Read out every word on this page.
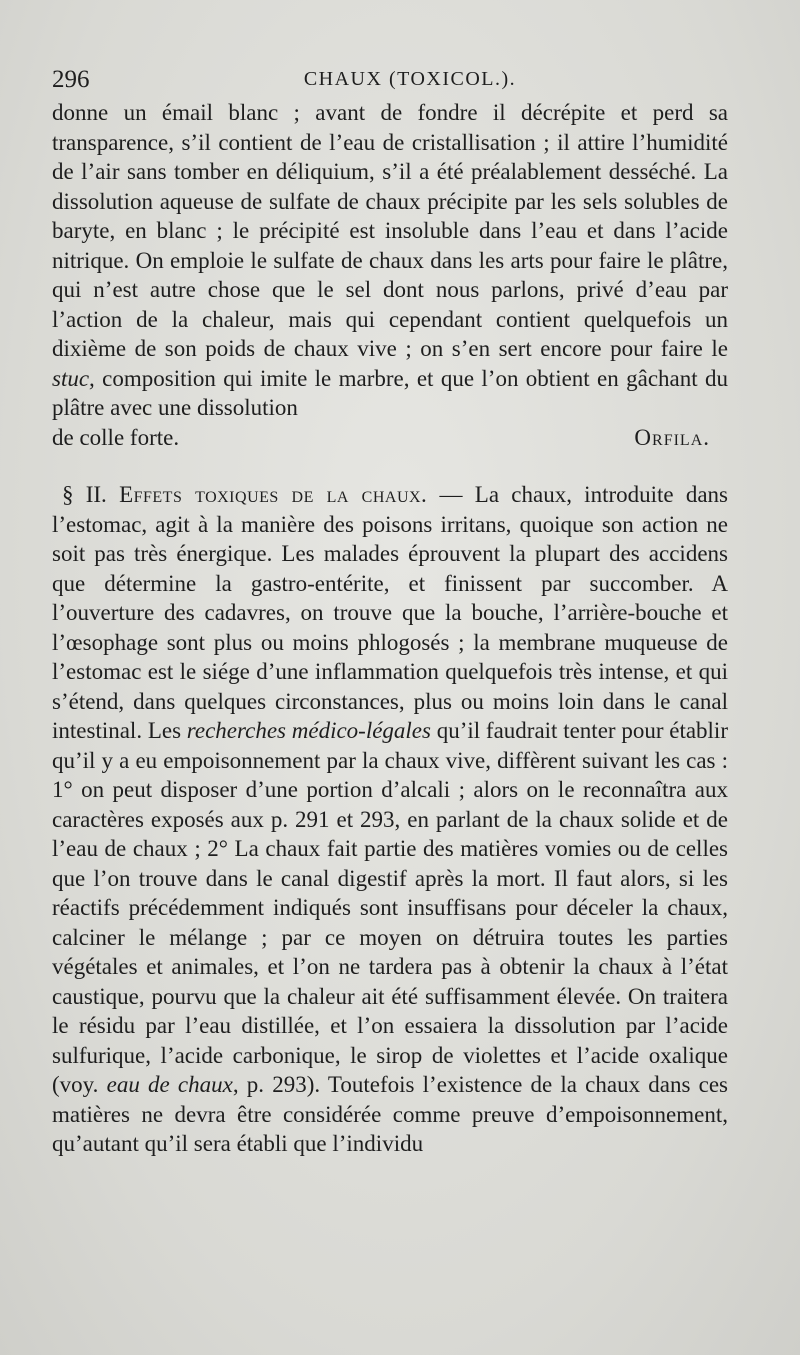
296	CHAUX (TOXICOL.).

donne un émail blanc ; avant de fondre il décrépite et perd sa transparence, s’il contient de l’eau de cristallisation ; il attire l’humidité de l’air sans tomber en déliquium, s’il a été préalablement desséché. La dissolution aqueuse de sulfate de chaux précipite par les sels solubles de baryte, en blanc ; le précipité est insoluble dans l’eau et dans l’acide nitrique. On emploie le sulfate de chaux dans les arts pour faire le plâtre, qui n’est autre chose que le sel dont nous parlons, privé d’eau par l’action de la chaleur, mais qui cependant contient quelquefois un dixième de son poids de chaux vive ; on s’en sert encore pour faire le stuc, composition qui imite le marbre, et que l’on obtient en gâchant du plâtre avec une dissolution

de colle forte.	Orfila.

§ II. Effets toxiques de la chaux. — La chaux, introduite dans l’estomac, agit à la manière des poisons irritans, quoique son action ne soit pas très énergique. Les malades éprouvent la plupart des accidens que détermine la gastro-entérite, et finissent par succomber. A l’ouverture des cadavres, on trouve que la bouche, l’arrière-bouche et l’œsophage sont plus ou moins phlogosés ; la membrane muqueuse de l’estomac est le siége d’une inflammation quelquefois très intense, et qui s’étend, dans quelques circonstances, plus ou moins loin dans le canal intestinal. Les recherches médico-légales qu’il faudrait tenter pour établir qu’il y a eu empoisonnement par la chaux vive, diffèrent suivant les cas : 1° on peut disposer d’une portion d’alcali ; alors on le reconnaîtra aux caractères exposés aux p. 291 et 293, en parlant de la chaux solide et de l’eau de chaux ; 2° La chaux fait partie des matières vomies ou de celles que l’on trouve dans le canal digestif après la mort. Il faut alors, si les réactifs précédemment indiqués sont insuffisans pour déceler la chaux, calciner le mélange ; par ce moyen on détruira toutes les parties végétales et animales, et l’on ne tardera pas à obtenir la chaux à l’état caustique, pourvu que la chaleur ait été suffisamment élevée. On traitera le résidu par l’eau distillée, et l’on essaiera la dissolution par l’acide sulfurique, l’acide carbonique, le sirop de violettes et l’acide oxalique (voy. eau de chaux, p. 293). Toutefois l’existence de la chaux dans ces matières ne devra être considérée comme preuve d’empoisonnement, qu’autant qu’il sera établi que l’individu
